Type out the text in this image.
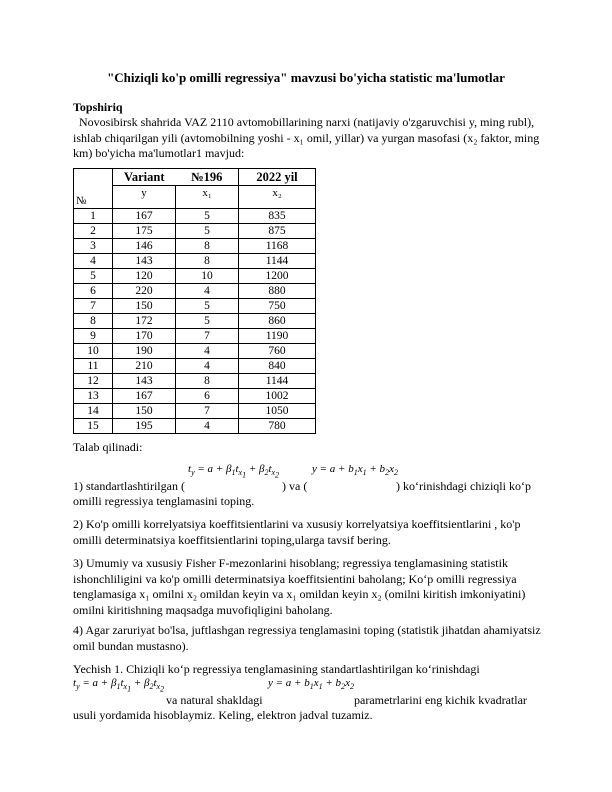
"Chiziqli ko'p omilli regressiya" mavzusi bo'yicha statistic ma'lumotlar
Topshiriq
Novosibirsk shahrida VAZ 2110 avtomobillarining narxi (natijaviy o'zgaruvchisi y, ming rubl), ishlab chiqarilgan yili (avtomobilning yoshi - x₁ omil, yillar) va yurgan masofasi (x₂ faktor, ming km) bo'yicha ma'lumotlar1 mavjud:
	Variant	№196	2022 yil
№	y	x₁	x₂
1	167	5	835
2	175	5	875
3	146	8	1168
4	143	8	1144
5	120	10	1200
6	220	4	880
7	150	5	750
8	172	5	860
9	170	7	1190
10	190	4	760
11	210	4	840
12	143	8	1144
13	167	6	1002
14	150	7	1050
15	195	4	780
Talab qilinadi:
$t_y = a + \beta_1t_{x_1} + \beta_2t_{x_2}$
$y = a + b_1x_1 + b_2x_2$
1) standartlashtirilgan (	) va (	) ko‘rinishdagi chiziqli ko‘p
omilli regressiya tenglamasini toping.
2) Ko'p omilli korrelyatsiya koeffitsientlarini va xususiy korrelyatsiya koeffitsientlarini , ko'p omilli determinatsiya koeffitsientlarini toping,ularga tavsif bering.
3) Umumiy va xususiy Fisher F-mezonlarini hisoblang; regressiya tenglamasining statistik ishonchliligini va ko'p omilli determinatsiya koeffitsientini baholang; Ko‘p omilli regressiya tenglamasiga x₁ omilni x₂ omildan keyin va x₁ omildan keyin x₂ (omilni kiritish imkoniyatini) omilni kiritishning maqsadga muvofiqligini baholang.
4) Agar zaruriyat bo'lsa, juftlashgan regressiya tenglamasini toping (statistik jihatdan ahamiyatsiz omil bundan mustasno).
Yechish 1. Chiziqli ko‘p regressiya tenglamasining standartlashtirilgan ko‘rinishdagi
$t_y = a + \beta_1t_{x_1} + \beta_2t_{x_2}$
$y = a + b_1x_1 + b_2x_2$
va natural shakldagi	parametrlarini eng kichik kvadratlar
usuli yordamida hisoblaymiz. Keling, elektron jadval tuzamiz.
